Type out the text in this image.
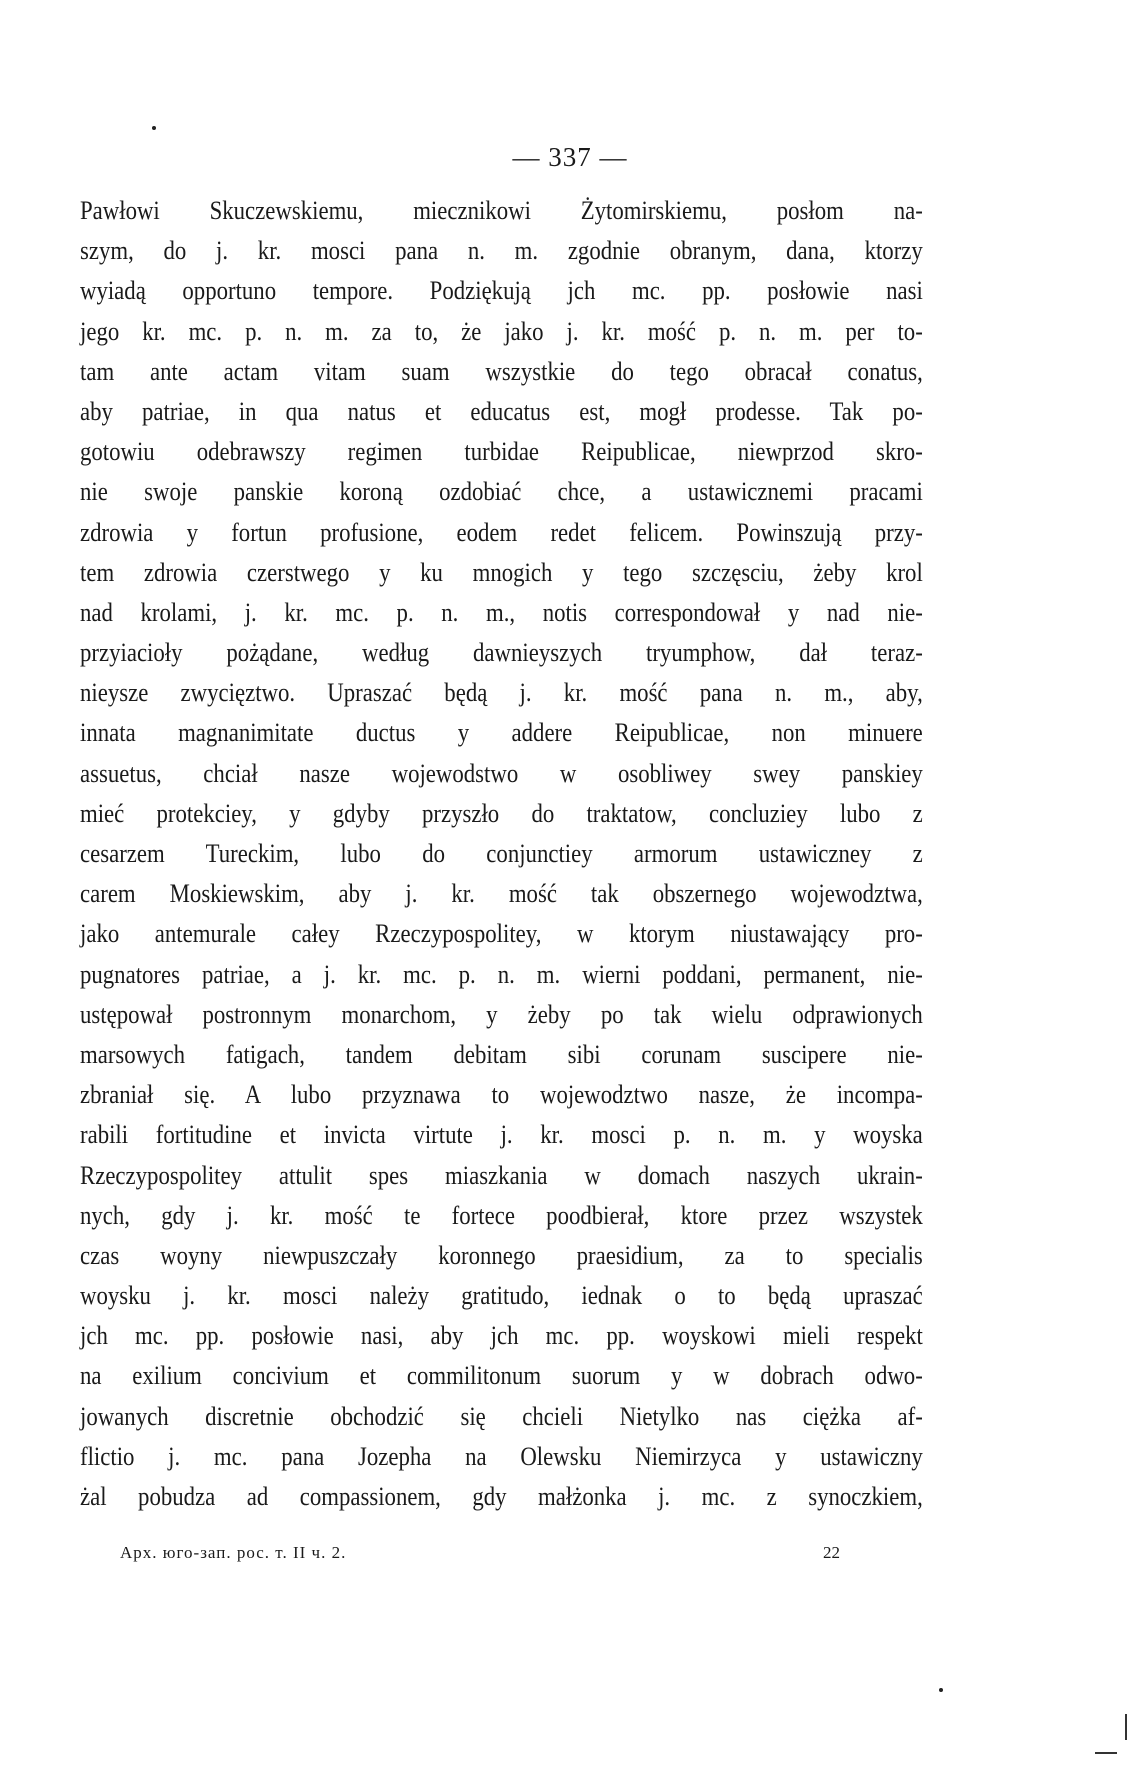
— 337 —
Pawłowi Skuczewskiemu, miecznikowi Żytomirskiemu, posłom na-
szym, do j. kr. mosci pana n. m. zgodnie obranym, dana, ktorzy
wyiadą opportuno tempore. Podziękują jch mc. pp. posłowie nasi
jego kr. mc. p. n. m. za to, że jako j. kr. mość p. n. m. per to-
tam ante actam vitam suam wszystkie do tego obracał conatus,
aby patriae, in qua natus et educatus est, mogł prodesse. Tak po-
gotowiu odebrawszy regimen turbidae Reipublicae, niewprzod skro-
nie swoje panskie koroną ozdobiać chce, a ustawicznemi pracami
zdrowia y fortun profusione, eodem redet felicem. Powinszują przy-
tem zdrowia czerstwego y ku mnogich y tego szczęsciu, żeby krol
nad krolami, j. kr. mc. p. n. m., notis correspondował y nad nie-
przyiacioły pożądane, według dawnieyszych tryumphow, dał teraz-
nieysze zwycięztwo. Upraszać będą j. kr. mość pana n. m., aby,
innata magnanimitate ductus y addere Reipublicae, non minuere
assuetus, chciał nasze wojewodstwo w osobliwey swey panskiey
mieć protekciey, y gdyby przyszło do traktatow, concluziey lubo z
cesarzem Tureckim, lubo do conjunctiey armorum ustawiczney z
carem Moskiewskim, aby j. kr. mość tak obszernego wojewodztwa,
jako antemurale całey Rzeczypospolitey, w ktorym niustawający pro-
pugnatores patriae, a j. kr. mc. p. n. m. wierni poddani, permanent, nie-
ustępował postronnym monarchom, y żeby po tak wielu odprawionych
marsowych fatigach, tandem debitam sibi corunam suscipere nie-
zbraniał się. A lubo przyznawa to wojewodztwo nasze, że incompa-
rabili fortitudine et invicta virtute j. kr. mosci p. n. m. y woyska
Rzeczypospolitey attulit spes miaszkania w domach naszych ukrain-
nych, gdy j. kr. mość te fortece poodbierał, ktore przez wszystek
czas woyny niewpuszczały koronnego praesidium, za to specialis
woysku j. kr. mosci należy gratitudo, iednak o to będą upraszać
jch mc. pp. posłowie nasi, aby jch mc. pp. woyskowi mieli respekt
na exilium concivium et commilitonum suorum y w dobrach odwo-
jowanych discretnie obchodzić się chcieli Nietylko nas ciężka af-
flictio j. mc. pana Jozepha na Olewsku Niemirzyca y ustawiczny
żal pobudza ad compassionem, gdy małżonka j. mc. z synoczkiem,
Арх. юго-зап. рос. т. II ч. 2.	22
